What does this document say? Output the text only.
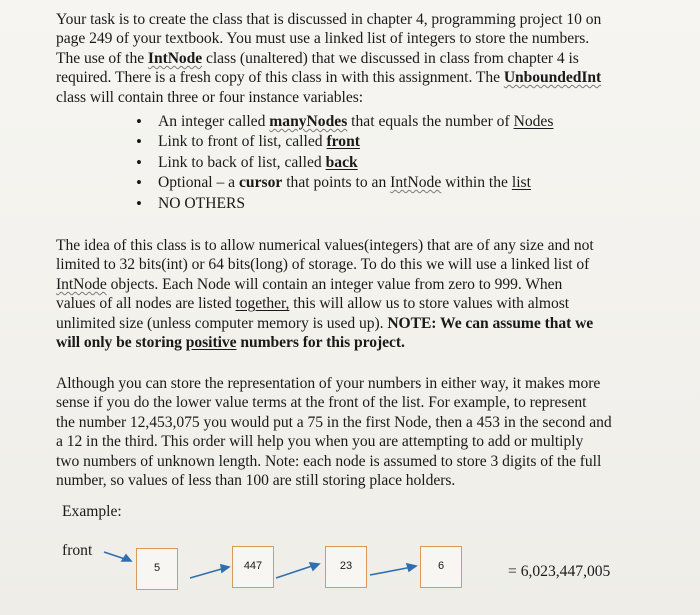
Your task is to create the class that is discussed in chapter 4, programming project 10 on
page 249 of your textbook. You must use a linked list of integers to store the numbers.
The use of the IntNode class (unaltered) that we discussed in class from chapter 4 is
required. There is a fresh copy of this class in with this assignment. The UnboundedInt
class will contain three or four instance variables:

• An integer called manyNodes that equals the number of Nodes
• Link to front of list, called front
• Link to back of list, called back
• Optional – a cursor that points to an IntNode within the list
• NO OTHERS

The idea of this class is to allow numerical values(integers) that are of any size and not
limited to 32 bits(int) or 64 bits(long) of storage. To do this we will use a linked list of
IntNode objects. Each Node will contain an integer value from zero to 999. When
values of all nodes are listed together, this will allow us to store values with almost
unlimited size (unless computer memory is used up). NOTE: We can assume that we
will only be storing positive numbers for this project.

Although you can store the representation of your numbers in either way, it makes more
sense if you do the lower value terms at the front of the list. For example, to represent
the number 12,453,075 you would put a 75 in the first Node, then a 453 in the second and
a 12 in the third. This order will help you when you are attempting to add or multiply
two numbers of unknown length. Note: each node is assumed to store 3 digits of the full
number, so values of less than 100 are still storing place holders.

Example:

front

5	447	23	6	= 6,023,447,005
